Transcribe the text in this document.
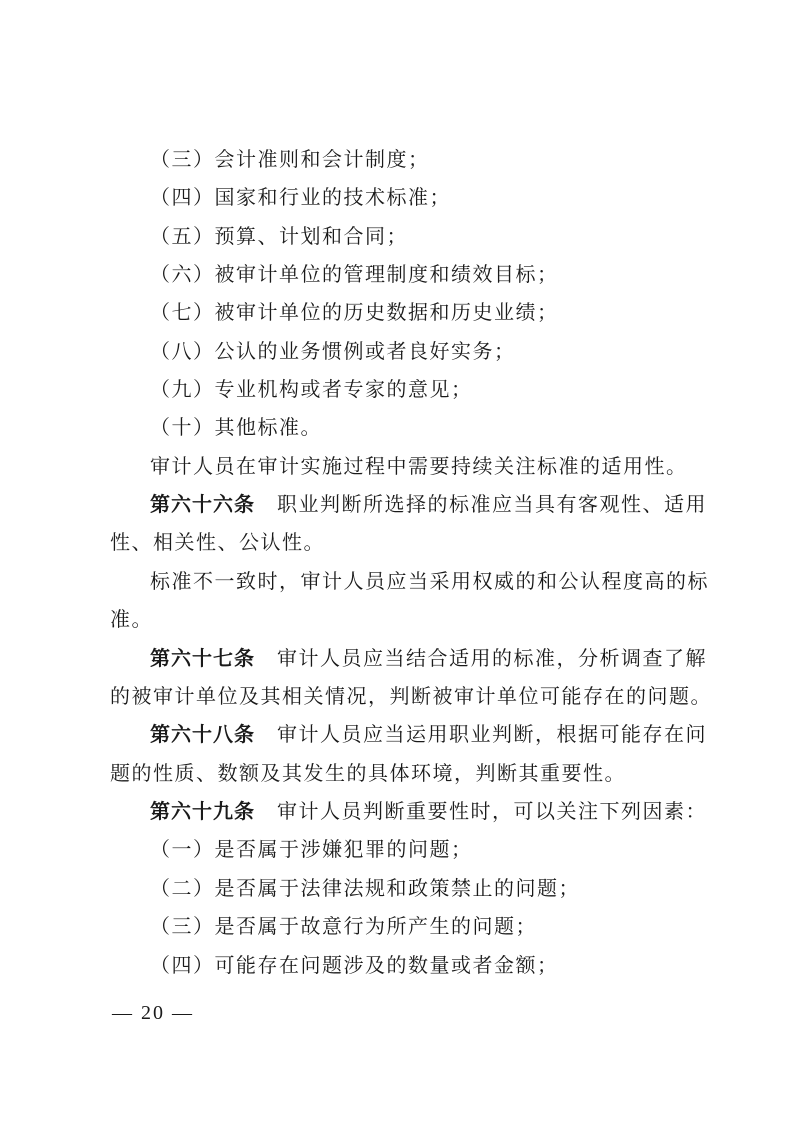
（三）会计准则和会计制度；
（四）国家和行业的技术标准；
（五）预算、计划和合同；
（六）被审计单位的管理制度和绩效目标；
（七）被审计单位的历史数据和历史业绩；
（八）公认的业务惯例或者良好实务；
（九）专业机构或者专家的意见；
（十）其他标准。
审计人员在审计实施过程中需要持续关注标准的适用性。
第六十六条 职业判断所选择的标准应当具有客观性、适用
性、相关性、公认性。
标准不一致时，审计人员应当采用权威的和公认程度高的标
准。
第六十七条 审计人员应当结合适用的标准，分析调查了解
的被审计单位及其相关情况，判断被审计单位可能存在的问题。
第六十八条 审计人员应当运用职业判断，根据可能存在问
题的性质、数额及其发生的具体环境，判断其重要性。
第六十九条 审计人员判断重要性时，可以关注下列因素：
（一）是否属于涉嫌犯罪的问题；
（二）是否属于法律法规和政策禁止的问题；
（三）是否属于故意行为所产生的问题；
（四）可能存在问题涉及的数量或者金额；
— 20 —
